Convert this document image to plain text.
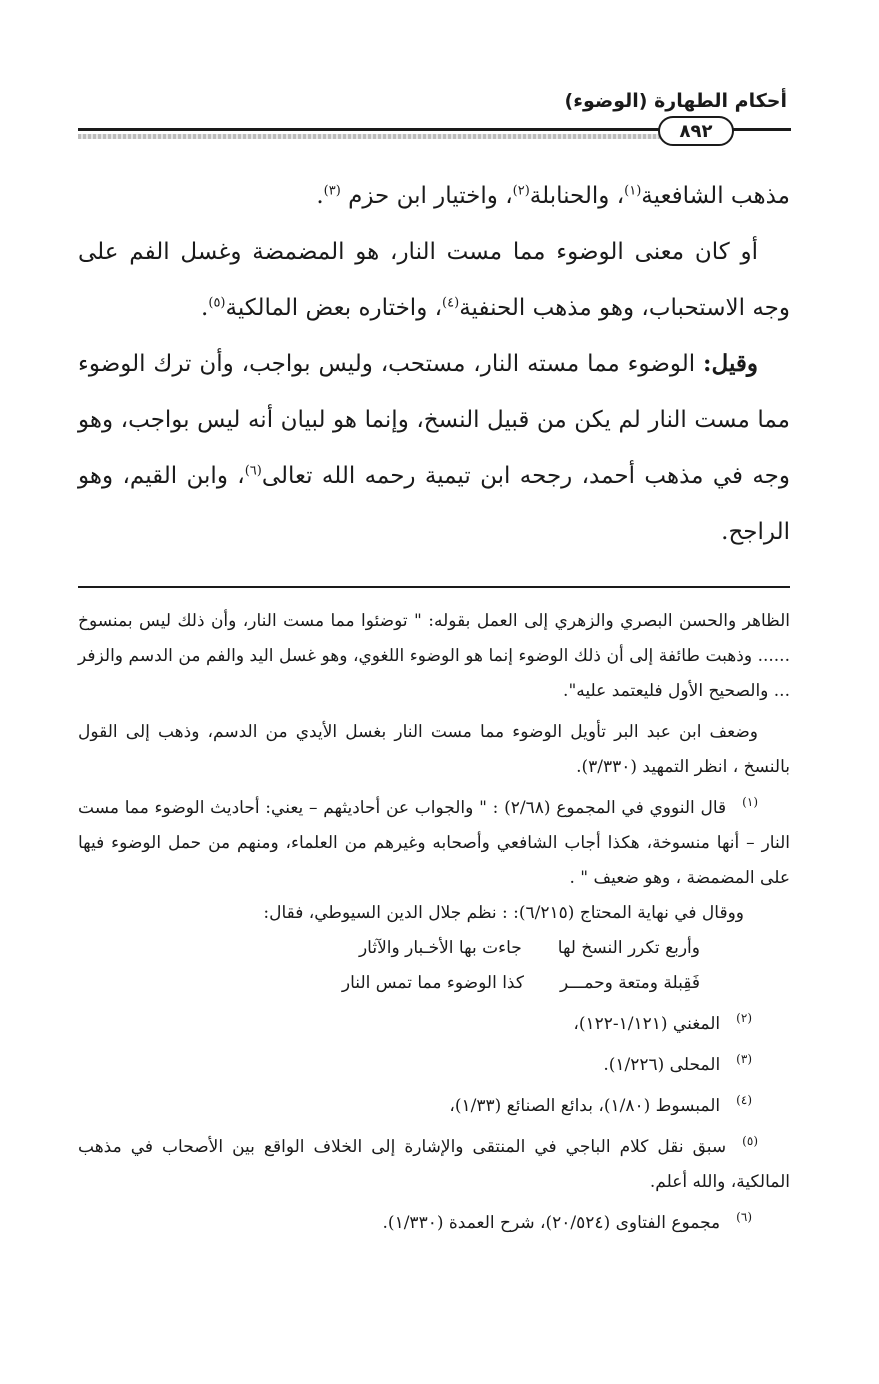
أحكام الطهارة (الوضوء)
٨٩٢

مذهب الشافعية$^{(١)}$، والحنابلة$^{(٢)}$، واختيار ابن حزم $^{(٣)}$.

أو كان معنى الوضوء مما مست النار، هو المضمضة وغسل الفم على وجه الاستحباب، وهو مذهب الحنفية$^{(٤)}$، واختاره بعض المالكية$^{(٥)}$.

وقيل: الوضوء مما مسته النار، مستحب، وليس بواجب، وأن ترك الوضوء مما مست النار لم يكن من قبيل النسخ، وإنما هو لبيان أنه ليس بواجب، وهو وجه في مذهب أحمد، رجحه ابن تيمية رحمه الله تعالى$^{(٦)}$، وابن القيم، وهو الراجح.

الظاهر والحسن البصري والزهري إلى العمل بقوله: " توضئوا مما مست النار، وأن ذلك ليس بمنسوخ ...... وذهبت طائفة إلى أن ذلك الوضوء إنما هو الوضوء اللغوي، وهو غسل اليد والفم من الدسم والزفر ... والصحيح الأول فليعتمد عليه".

وضعف ابن عبد البر تأويل الوضوء مما مست النار بغسل الأيدي من الدسم، وذهب إلى القول بالنسخ ، انظر التمهيد (٣/٣٣٠).

$^{(١)}$قال النووي في المجموع (٢/٦٨) : " والجواب عن أحاديثهم – يعني: أحاديث الوضوء مما مست النار – أنها منسوخة، هكذا أجاب الشافعي وأصحابه وغيرهم من العلماء، ومنهم من حمل الوضوء فيها على المضمضة ، وهو ضعيف " .

ووقال في نهاية المحتاج (٦/٢١٥): : نظم جلال الدين السيوطي، فقال:

وأربع تكرر النسخ لها
جاءت بها الأخـبار والآثار

فَقِبلة ومتعة وحمـــر
كذا الوضوء مما تمس النار

$^{(٢)}$المغني (١/١٢١-١٢٢)،

$^{(٣)}$المحلى (١/٢٢٦).

$^{(٤)}$المبسوط (١/٨٠)، بدائع الصنائع (١/٣٣)،

$^{(٥)}$سبق نقل كلام الباجي في المنتقى والإشارة إلى الخلاف الواقع بين الأصحاب في مذهب المالكية، والله أعلم.

$^{(٦)}$مجموع الفتاوى (٢٠/٥٢٤)، شرح العمدة (١/٣٣٠).
